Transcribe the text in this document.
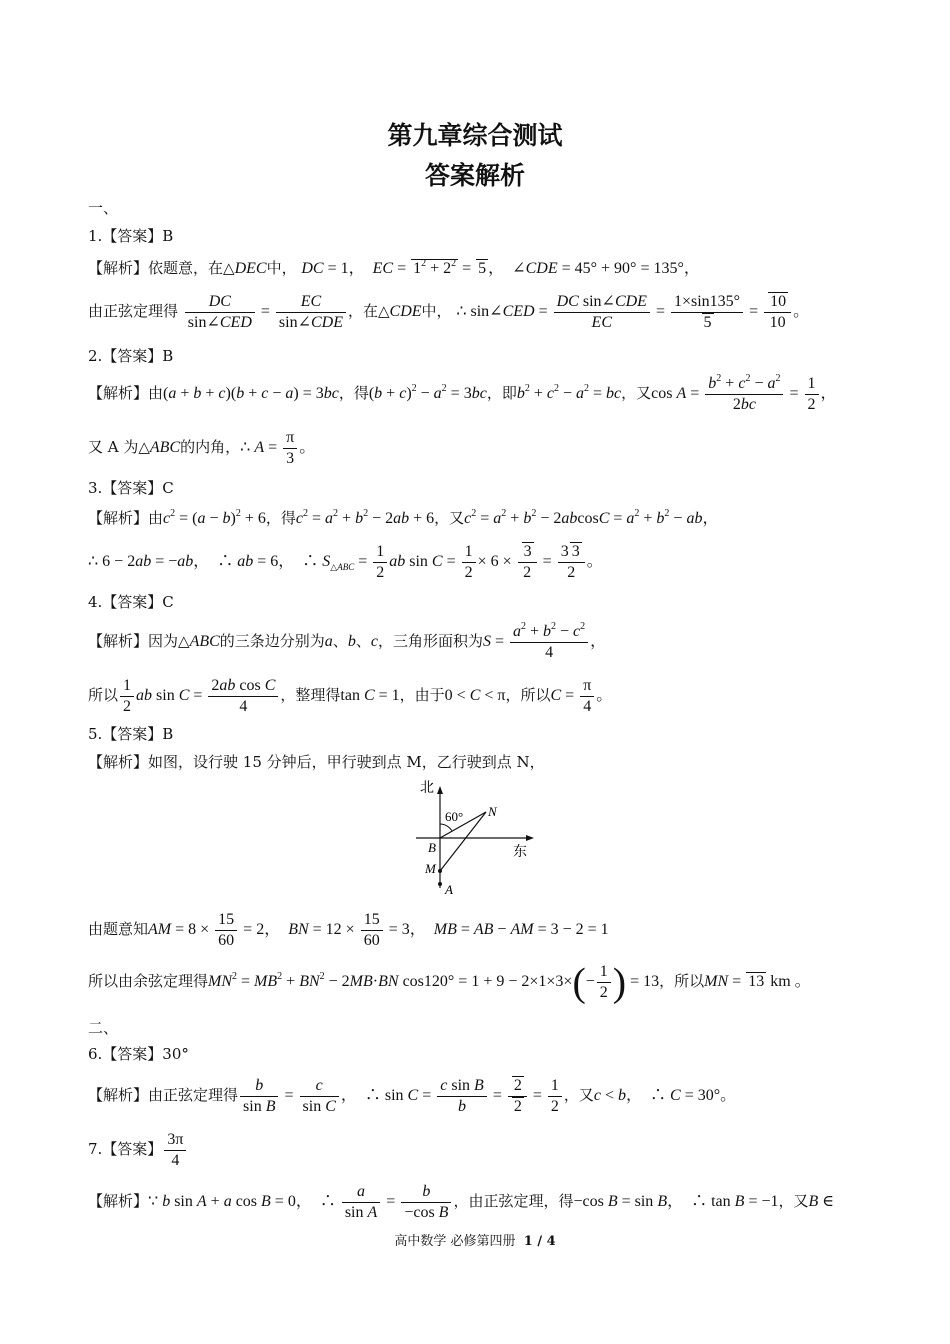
第九章综合测试
答案解析
一、
1.【答案】B
【解析】依题意，在△DEC中， DC = 1，  EC = $1^2 + 2^2 = 5$ ，  ∠CDE = 45° + 90° = 135°，
由正弦定理得 $\frac{DC}{\text{sin∠CED}} = \frac{EC}{\text{sin∠CDE}}$ ，在△CDE中， ∴ sin∠CED = $\frac{\text{DC sin∠CDE}}{EC} = \frac{1\times\sin 135^\circ}{5} = \frac{10}{10}$ 。
2.【答案】B
【解析】由(a + b + c)(b + c − a) = 3bc，得$(b + c)^2 - a^2 = 3bc$，即$b^2 + c^2 - a^2$ = bc，又$\cos A = \frac{b^2 + c^2 - a^2}{2bc} = \frac{1}{2}$ ，
又 A 为△ABC的内角，∴ $A = \frac{\pi}{3}$ 。
3.【答案】C
【解析】由$c^2 = (a - b)^2 + 6$，得$c^2 = a^2 + b^2 - 2ab + 6$，又$c^2 = a^2 + b^2 - 2abcosC = a^2 + b^2$ − ab，
∴ 6 − 2ab = −ab，  ∴ ab = 6，  ∴ $S_{\triangle ABC} = \frac{1}{2}$ ab $\sin C = \frac{1}{2} \times 6 \times \frac{3}{2} = \frac{3 3}{2}$ 。
4.【答案】C
【解析】因为△ABC的三条边分别为a、b、c，三角形面积为$S = \frac{a^2 + b^2 - c^2}{4}$ ，
所以 $\frac{1}{2}$ ab $\sin C = \frac{\text{2ab cos C}}{4}$ ，整理得tan C = 1，由于0 < C < π，所以$C = \frac{\pi}{4}$ 。
5.【答案】B
【解析】如图，设行驶 15 分钟后，甲行驶到点 M，乙行驶到点 N，
北
东
60° N
B
M
A
由题意知AM = $8 \times \frac{15}{60} = 2$，  BN = $12 \times \frac{15}{60} = 3$，  MB = AB − AM = 3 − 2 = 1
所以由余弦定理得$MN^2 = MB^2 + BN^2 - 2MB\cdot BN$ $\cos 120^\circ = 1 + 9 - 2\times 1\times 3\times(- \frac{1}{2}$ ) = 13，所以MN = 13 km 。
二、
6.【答案】30°
【解析】由正弦定理得 $\frac{b}{\text{sin B}} = \frac{c}{\text{sin C}}$ ，  ∴ $\sin C = \frac{\text{c sin B}}{b} = \frac{2}{2} = \frac{1}{2}$ ，又c < b，  ∴ C = 30°。
7.【答案】 $\frac{3\pi}{4}$
【解析】∵ b sin A + a cos B = 0，  ∴ $\frac{a}{\text{sin A}} = \frac{b}{\text{−cos B}}$ ，由正弦定理，得−cos B = sin B，  ∴ tan B = −1，又B ∈
高中数学 必修第四册 1 / 4
